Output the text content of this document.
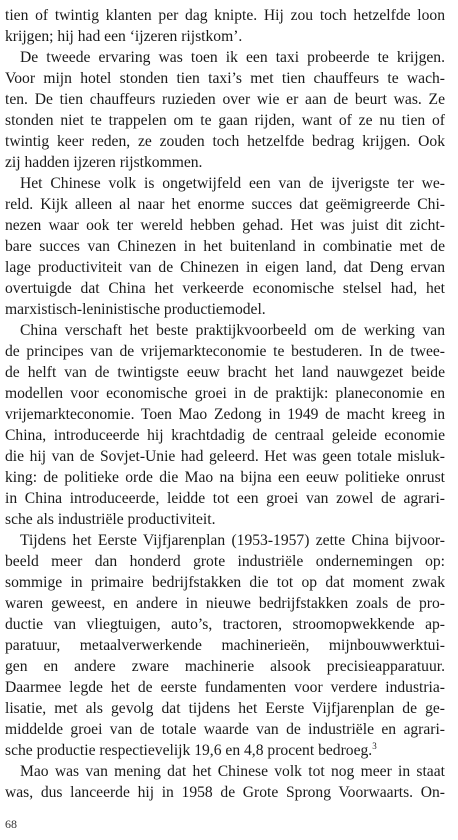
tien of twintig klanten per dag knipte. Hij zou toch hetzelfde loon
krijgen; hij had een ‘ijzeren rijstkom’.
De tweede ervaring was toen ik een taxi probeerde te krijgen.
Voor mijn hotel stonden tien taxi’s met tien chauffeurs te wach-
ten. De tien chauffeurs ruzieden over wie er aan de beurt was. Ze
stonden niet te trappelen om te gaan rijden, want of ze nu tien of
twintig keer reden, ze zouden toch hetzelfde bedrag krijgen. Ook
zij hadden ijzeren rijstkommen.
Het Chinese volk is ongetwijfeld een van de ijverigste ter we-
reld. Kijk alleen al naar het enorme succes dat geëmigreerde Chi-
nezen waar ook ter wereld hebben gehad. Het was juist dit zicht-
bare succes van Chinezen in het buitenland in combinatie met de
lage productiviteit van de Chinezen in eigen land, dat Deng ervan
overtuigde dat China het verkeerde economische stelsel had, het
marxistisch-leninistische productiemodel.
China verschaft het beste praktijkvoorbeeld om de werking van
de principes van de vrijemarkteconomie te bestuderen. In de twee-
de helft van de twintigste eeuw bracht het land nauwgezet beide
modellen voor economische groei in de praktijk: planeconomie en
vrijemarkteconomie. Toen Mao Zedong in 1949 de macht kreeg in
China, introduceerde hij krachtdadig de centraal geleide economie
die hij van de Sovjet-Unie had geleerd. Het was geen totale misluk-
king: de politieke orde die Mao na bijna een eeuw politieke onrust
in China introduceerde, leidde tot een groei van zowel de agrari-
sche als industriële productiviteit.
Tijdens het Eerste Vijfjarenplan (1953-1957) zette China bijvoor-
beeld meer dan honderd grote industriële ondernemingen op:
sommige in primaire bedrijfstakken die tot op dat moment zwak
waren geweest, en andere in nieuwe bedrijfstakken zoals de pro-
ductie van vliegtuigen, auto’s, tractoren, stroomopwekkende ap-
paratuur, metaalverwerkende machinerieën, mijnbouwwerktui-
gen en andere zware machinerie alsook precisieapparatuur.
Daarmee legde het de eerste fundamenten voor verdere industria-
lisatie, met als gevolg dat tijdens het Eerste Vijfjarenplan de ge-
middelde groei van de totale waarde van de industriële en agrari-
sche productie respectievelijk 19,6 en 4,8 procent bedroeg.$^3$
Mao was van mening dat het Chinese volk tot nog meer in staat
was, dus lanceerde hij in 1958 de Grote Sprong Voorwaarts. On-
68
